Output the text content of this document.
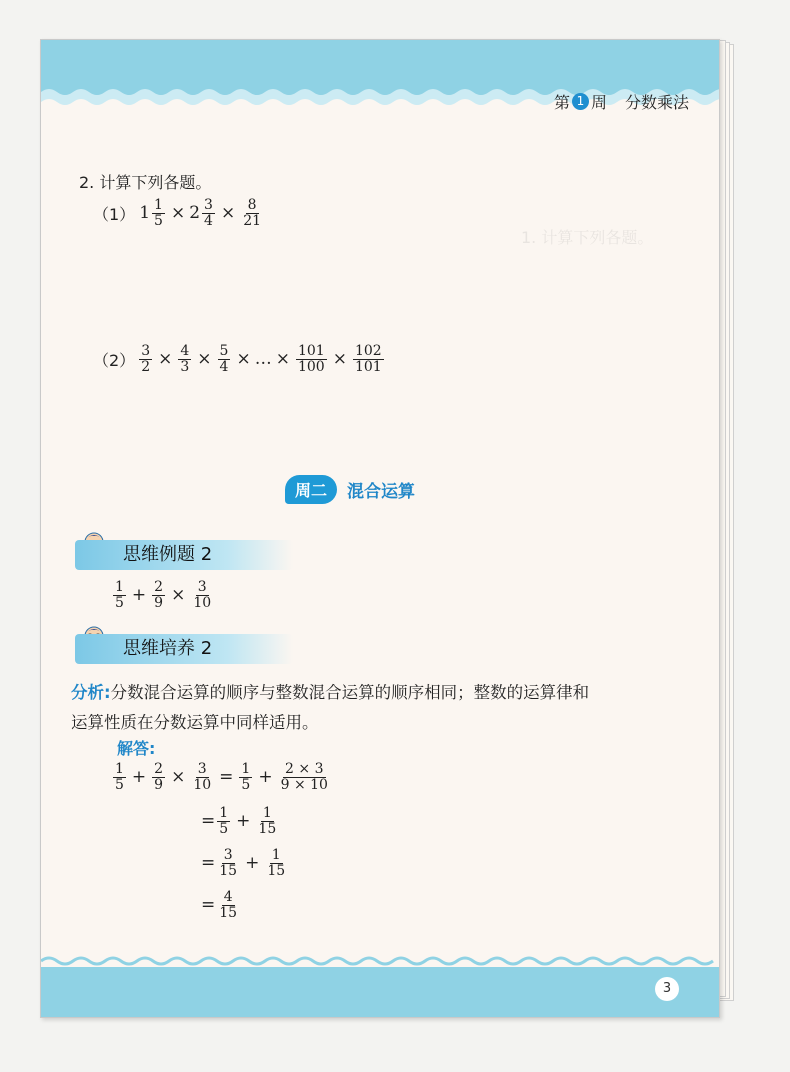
第 1 周 分数乘法
1. 计算下列各题。
2. 计算下列各题。
（1） $1 \frac{1}{5} \times 2 \frac{3}{4} \times \frac{8}{21}$
$(2) \frac{3}{2} \times \frac{4}{3} \times \frac{5}{4}$ × … × $\frac{101}{100} \times \frac{102}{101}$
周二	混合运算
思维例题 2
$\frac{1}{5} + \frac{2}{9} \times \frac{3}{10}$
思维培养 2
分析:分数混合运算的顺序与整数混合运算的顺序相同；整数的运算律和
运算性质在分数运算中同样适用。
解答:
$\frac{1}{5} + \frac{2}{9} \times \frac{3}{10} = \frac{1}{5} + \frac{2 \times 3}{9 \times 10}$
= $\frac{1}{5} + \frac{1}{15}$
= $\frac{3}{15} + \frac{1}{15}$
= $\frac{4}{15}$
3
